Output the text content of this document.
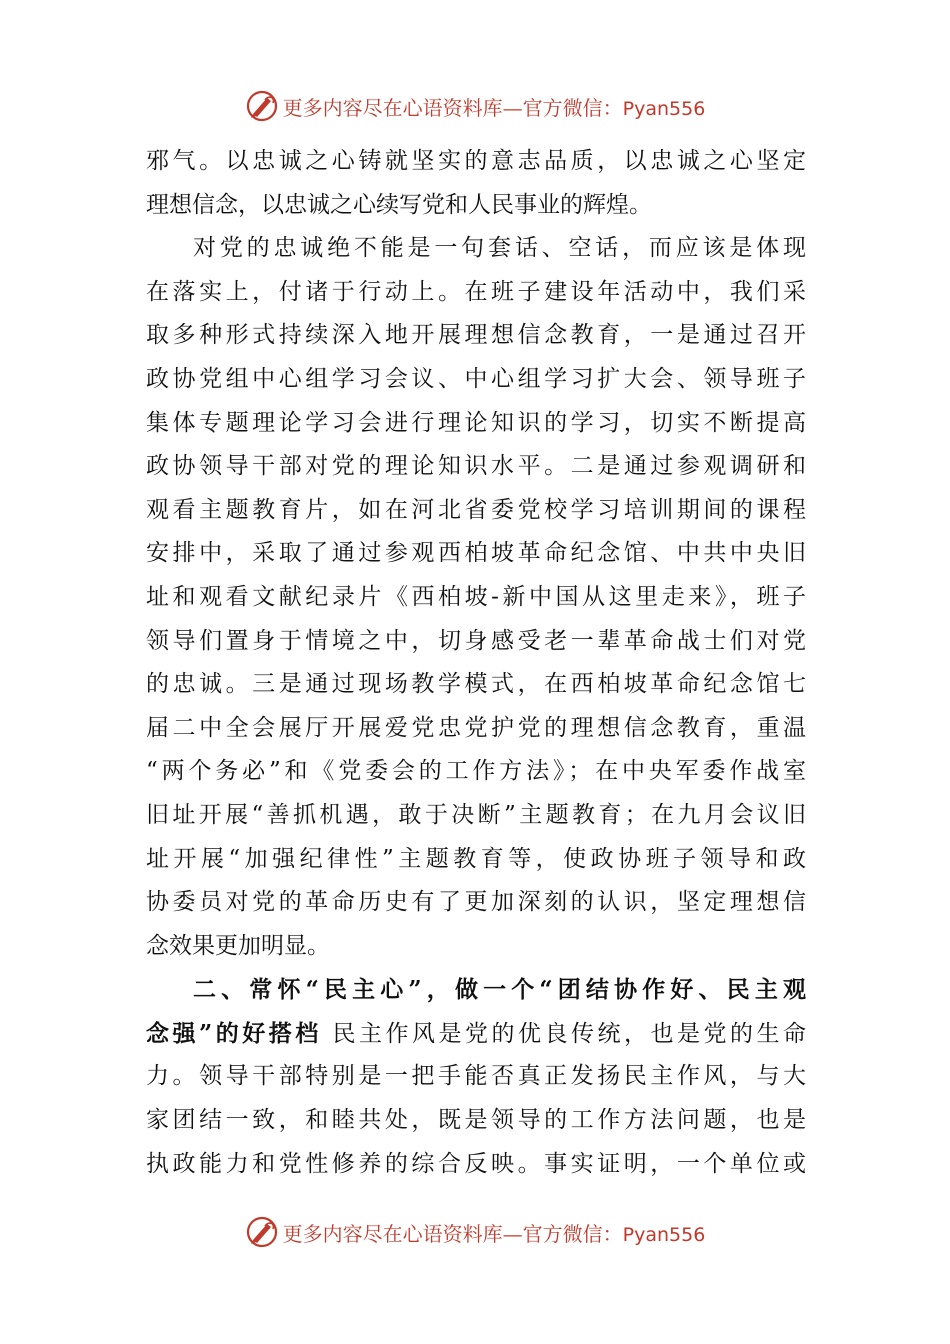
更多内容尽在心语资料库—官方微信：Pyan556
邪气。以忠诚之心铸就坚实的意志品质，以忠诚之心坚定
理想信念，以忠诚之心续写党和人民事业的辉煌。
对党的忠诚绝不能是一句套话、空话，而应该是体现
在落实上，付诸于行动上。在班子建设年活动中，我们采
取多种形式持续深入地开展理想信念教育，一是通过召开
政协党组中心组学习会议、中心组学习扩大会、领导班子
集体专题理论学习会进行理论知识的学习，切实不断提高
政协领导干部对党的理论知识水平。二是通过参观调研和
观看主题教育片，如在河北省委党校学习培训期间的课程
安排中，采取了通过参观西柏坡革命纪念馆、中共中央旧
址和观看文献纪录片《西柏坡-新中国从这里走来》，班子
领导们置身于情境之中，切身感受老一辈革命战士们对党
的忠诚。三是通过现场教学模式，在西柏坡革命纪念馆七
届二中全会展厅开展爱党忠党护党的理想信念教育，重温
“两个务必”和《党委会的工作方法》；在中央军委作战室
旧址开展“善抓机遇，敢于决断”主题教育；在九月会议旧
址开展“加强纪律性”主题教育等，使政协班子领导和政
协委员对党的革命历史有了更加深刻的认识，坚定理想信
念效果更加明显。
二、常怀“民主心”，做一个“团结协作好、民主观
念强”的好搭档 民主作风是党的优良传统，也是党的生命
力。领导干部特别是一把手能否真正发扬民主作风，与大
家团结一致，和睦共处，既是领导的工作方法问题，也是
执政能力和党性修养的综合反映。事实证明，一个单位或
更多内容尽在心语资料库—官方微信：Pyan556
